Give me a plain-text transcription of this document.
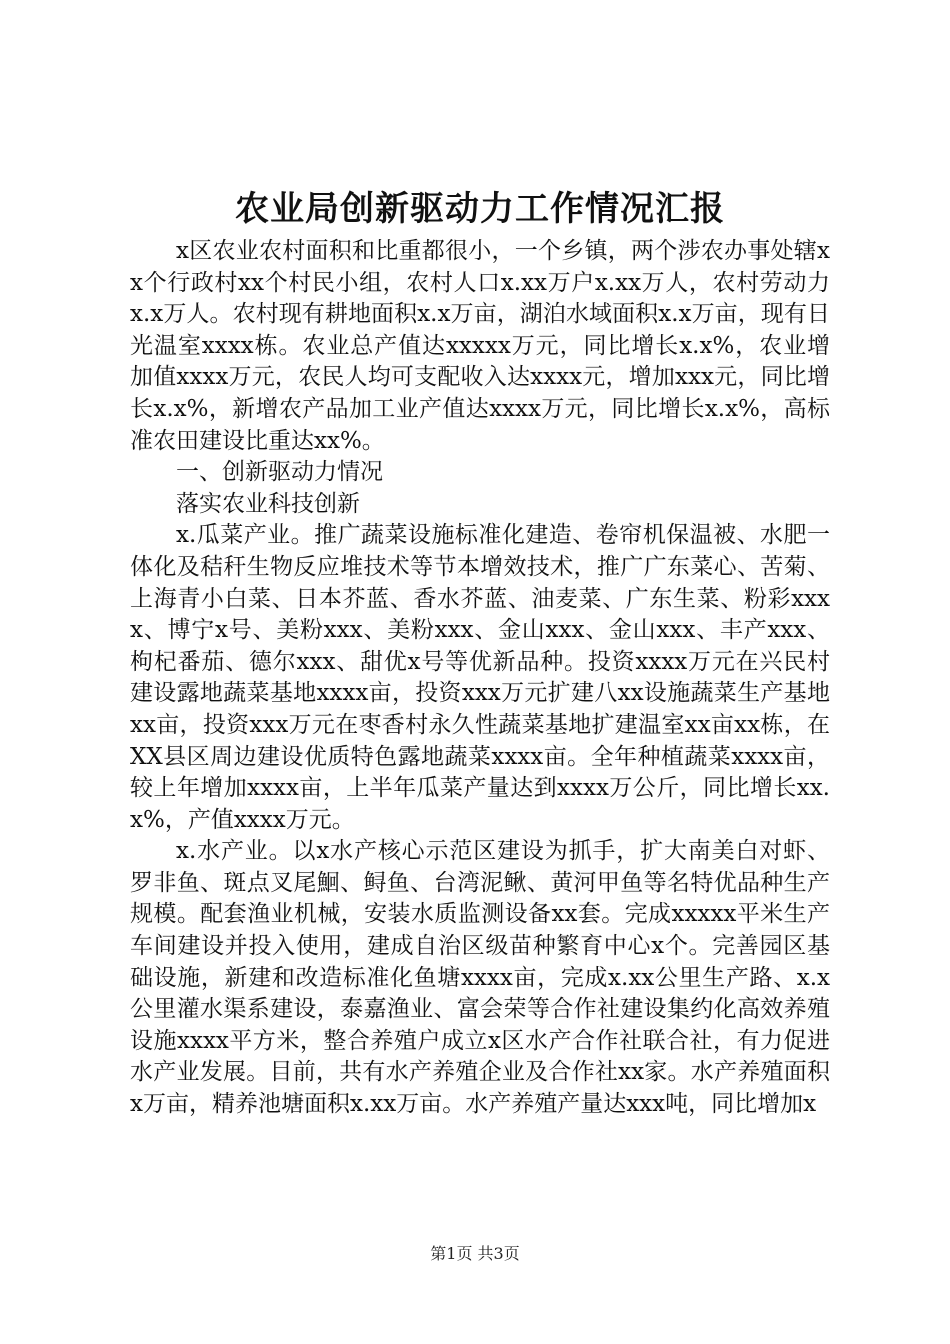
农业局创新驱动力工作情况汇报

x区农业农村面积和比重都很小，一个乡镇，两个涉农办事处辖xx个行政村xx个村民小组，农村人口x.xx万户x.xx万人，农村劳动力x.x万人。农村现有耕地面积x.x万亩，湖泊水域面积x.x万亩，现有日光温室xxxx栋。农业总产值达xxxxx万元，同比增长x.x%，农业增加值xxxx万元，农民人均可支配收入达xxxx元，增加xxx元，同比增长x.x%，新增农产品加工业产值达xxxx万元，同比增长x.x%，高标准农田建设比重达xx%。

一、创新驱动力情况

落实农业科技创新

x.瓜菜产业。推广蔬菜设施标准化建造、卷帘机保温被、水肥一体化及秸秆生物反应堆技术等节本增效技术，推广广东菜心、苦菊、上海青小白菜、日本芥蓝、香水芥蓝、油麦菜、广东生菜、粉彩xxxx、博宁x号、美粉xxx、美粉xxx、金山xxx、金山xxx、丰产xxx、枸杞番茄、德尔xxx、甜优x号等优新品种。投资xxxx万元在兴民村建设露地蔬菜基地xxxx亩，投资xxx万元扩建八xx设施蔬菜生产基地xx亩，投资xxx万元在枣香村永久性蔬菜基地扩建温室xx亩xx栋，在XX县区周边建设优质特色露地蔬菜xxxx亩。全年种植蔬菜xxxx亩，较上年增加xxxx亩，上半年瓜菜产量达到xxxx万公斤，同比增长xx.x%，产值xxxx万元。

x.水产业。以x水产核心示范区建设为抓手，扩大南美白对虾、罗非鱼、斑点叉尾鮰、鲟鱼、台湾泥鳅、黄河甲鱼等名特优品种生产规模。配套渔业机械，安装水质监测设备xx套。完成xxxxx平米生产车间建设并投入使用，建成自治区级苗种繁育中心x个。完善园区基础设施，新建和改造标准化鱼塘xxxx亩，完成x.xx公里生产路、x.x公里灌水渠系建设，泰嘉渔业、富会荣等合作社建设集约化高效养殖设施xxxx平方米，整合养殖户成立x区水产合作社联合社，有力促进水产业发展。目前，共有水产养殖企业及合作社xx家。水产养殖面积x万亩，精养池塘面积x.xx万亩。水产养殖产量达xxx吨，同比增加x

第1页 共3页
